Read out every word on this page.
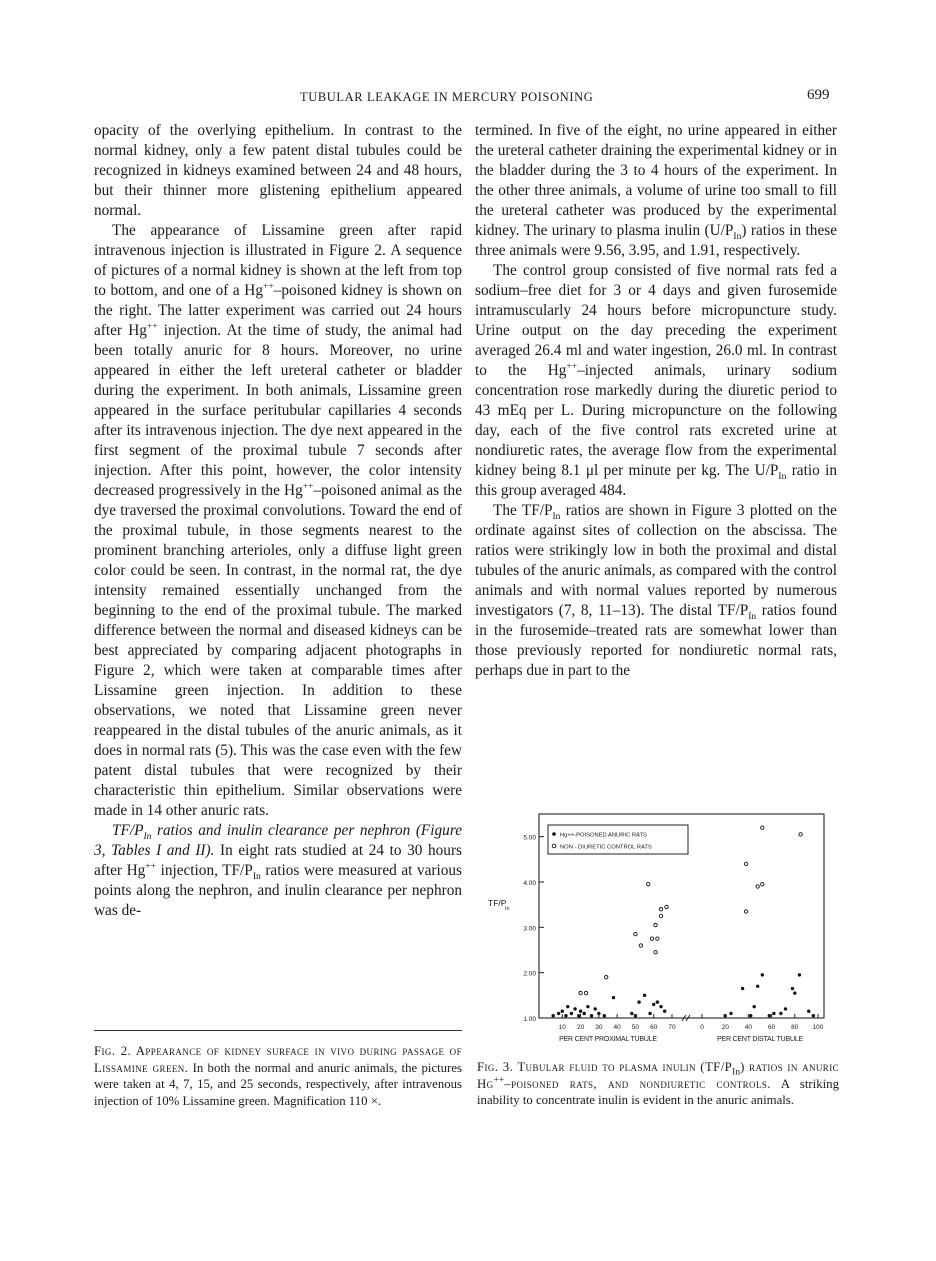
TUBULAR LEAKAGE IN MERCURY POISONING	699

opacity of the overlying epithelium. In contrast to the normal kidney, only a few patent distal tubules could be recognized in kidneys examined between 24 and 48 hours, but their thinner more glistening epithelium appeared normal.

The appearance of Lissamine green after rapid intravenous injection is illustrated in Figure 2. A sequence of pictures of a normal kidney is shown at the left from top to bottom, and one of a Hg++–poisoned kidney is shown on the right. The latter experiment was carried out 24 hours after Hg++ injection. At the time of study, the animal had been totally anuric for 8 hours. Moreover, no urine appeared in either the left ureteral catheter or bladder during the experiment. In both animals, Lissamine green appeared in the surface peritubular capillaries 4 seconds after its intravenous injection. The dye next appeared in the first segment of the proximal tubule 7 seconds after injection. After this point, however, the color intensity decreased progressively in the Hg++–poisoned animal as the dye traversed the proximal convolutions. Toward the end of the proximal tubule, in those segments nearest to the prominent branching arterioles, only a diffuse light green color could be seen. In contrast, in the normal rat, the dye intensity remained essentially unchanged from the beginning to the end of the proximal tubule. The marked difference between the normal and diseased kidneys can be best appreciated by comparing adjacent photographs in Figure 2, which were taken at comparable times after Lissamine green injection. In addition to these observations, we noted that Lissamine green never reappeared in the distal tubules of the anuric animals, as it does in normal rats (5). This was the case even with the few patent distal tubules that were recognized by their characteristic thin epithelium. Similar observations were made in 14 other anuric rats.

$TF/P_{In}$ ratios and inulin clearance per nephron (Figure 3, Tables I and II). In eight rats studied at 24 to 30 hours after Hg++ injection, $TF/P_{In}$ ratios were measured at various points along the nephron, and inulin clearance per nephron was de-

termined. In five of the eight, no urine appeared in either the ureteral catheter draining the experimental kidney or in the bladder during the 3 to 4 hours of the experiment. In the other three animals, a volume of urine too small to fill the ureteral catheter was produced by the experimental kidney. The urinary to plasma inulin $(U/P_{In})$ ratios in these three animals were 9.56, 3.95, and 1.91, respectively.

The control group consisted of five normal rats fed a sodium–free diet for 3 or 4 days and given furosemide intramuscularly 24 hours before micropuncture study. Urine output on the day preceding the experiment averaged 26.4 ml and water ingestion, 26.0 ml. In contrast to the Hg++–injected animals, urinary sodium concentration rose markedly during the diuretic period to 43 mEq per L. During micropuncture on the following day, each of the five control rats excreted urine at nondiuretic rates, the average flow from the experimental kidney being 8.1 μl per minute per kg. The $U/P_{In}$ ratio in this group averaged 484.

The $TF/P_{In}$ ratios are shown in Figure 3 plotted on the ordinate against sites of collection on the abscissa. The ratios were strikingly low in both the proximal and distal tubules of the anuric animals, as compared with the control animals and with normal values reported by numerous investigators (7, 8, 11–13). The distal $TF/P_{In}$ ratios found in the furosemide–treated rats are somewhat lower than those previously reported for nondiuretic normal rats, perhaps due in part to the

1.00
2.00
3.00
4.00
5.00
10 20 30 40 50 60 70
PER CENT PROXIMAL TUBULE
0	20 40 60 80 100
PER CENT DISTAL TUBULE
TF/P
In
Hg++-POISONED ANURIC RATS
NON - DIURETIC CONTROL RATS
Fig. 2. Appearance of kidney surface in vivo during passage of Lissamine green. In both the normal and anuric animals, the pictures were taken at 4, 7, 15, and 25 seconds, respectively, after intravenous injection of 10% Lissamine green. Magnification 110 ×.
Fig. 3. Tubular fluid to plasma inulin $(TF/P_{In})$ ratios in anuric Hg++–poisoned rats, and nondiuretic controls. A striking inability to concentrate inulin is evident in the anuric animals.
